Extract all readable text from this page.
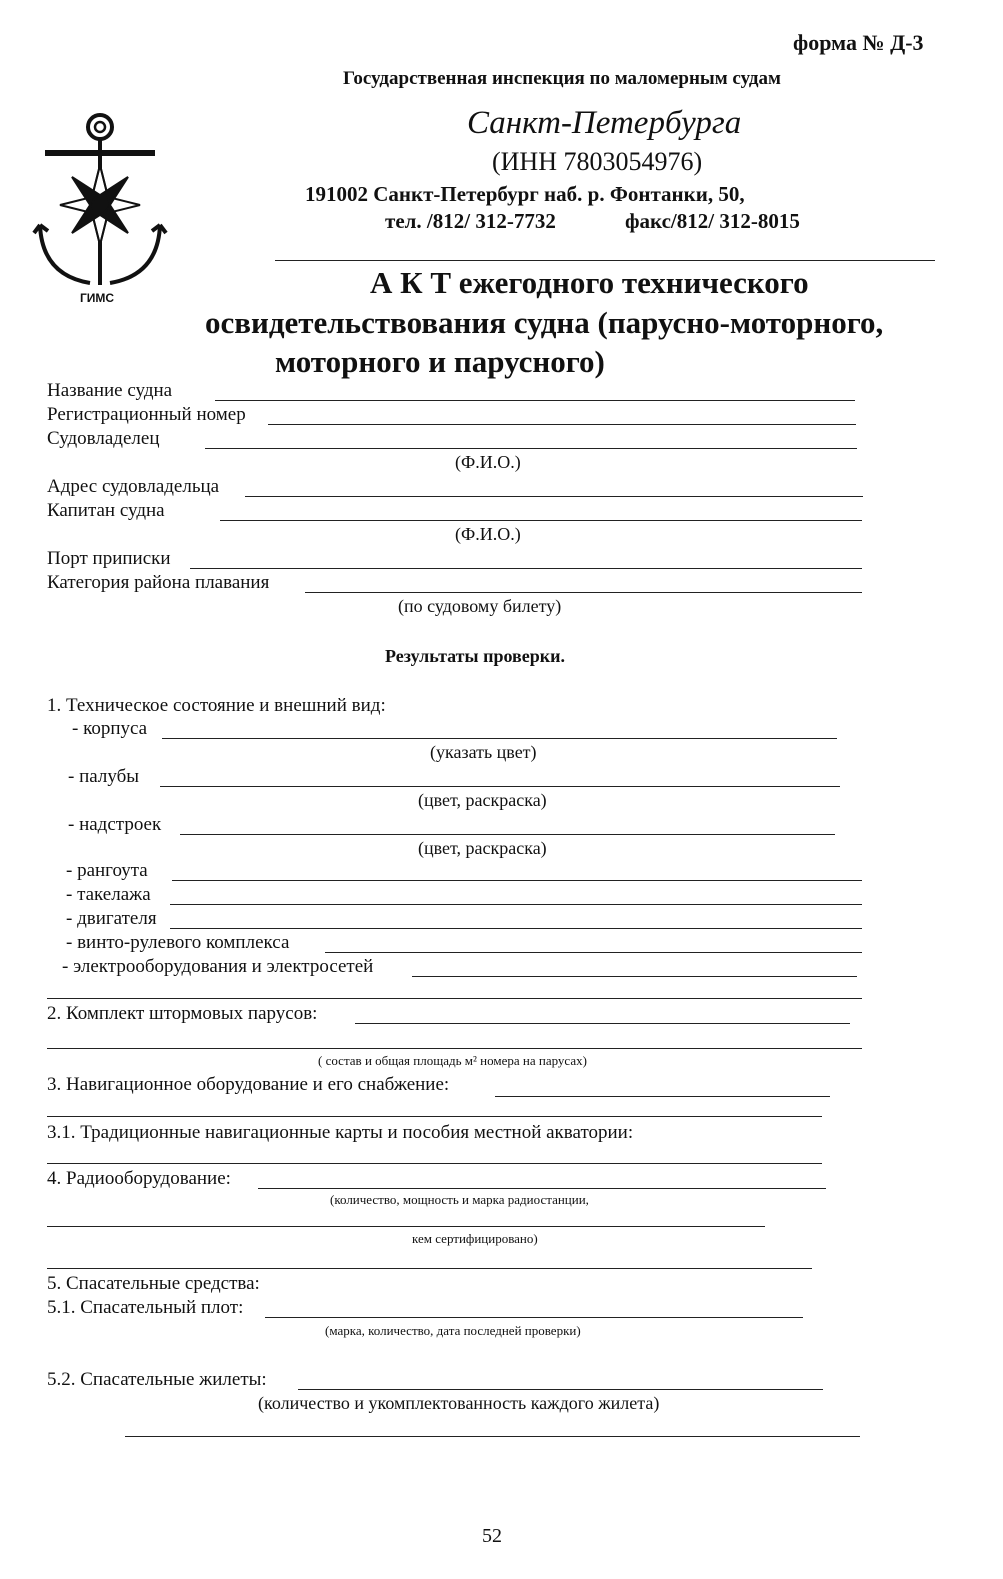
форма № Д-3
Государственная инспекция по маломерным судам
Санкт-Петербурга
(ИНН 7803054976)
191002 Санкт-Петербург наб. р. Фонтанки, 50,
тел. /812/ 312-7732	факс/812/ 312-8015
ГИМС	А К Т ежегодного технического
освидетельствования судна (парусно-моторного,
моторного и парусного)
Название судна
Регистрационный номер
Судовладелец
(Ф.И.О.)
Адрес судовладельца
Капитан судна
(Ф.И.О.)
Порт приписки
Категория района плавания
(по судовому билету)
Результаты проверки.
1. Техническое состояние и внешний вид:
- корпуса
(указать цвет)
- палубы
(цвет, раскраска)
- надстроек
(цвет, раскраска)
- рангоута
- такелажа
- двигателя
- винто-рулевого комплекса
- электрооборудования и электросетей
2. Комплект штормовых парусов:
( состав и общая площадь м² номера на парусах)
3. Навигационное оборудование и его снабжение:
3.1. Традиционные навигационные карты и пособия местной акватории:
4. Радиооборудование:
(количество, мощность и марка радиостанции,
кем сертифицировано)
5. Спасательные средства:
5.1. Спасательный плот:
(марка, количество, дата последней проверки)
5.2. Спасательные жилеты:
(количество и укомплектованность каждого жилета)
52
